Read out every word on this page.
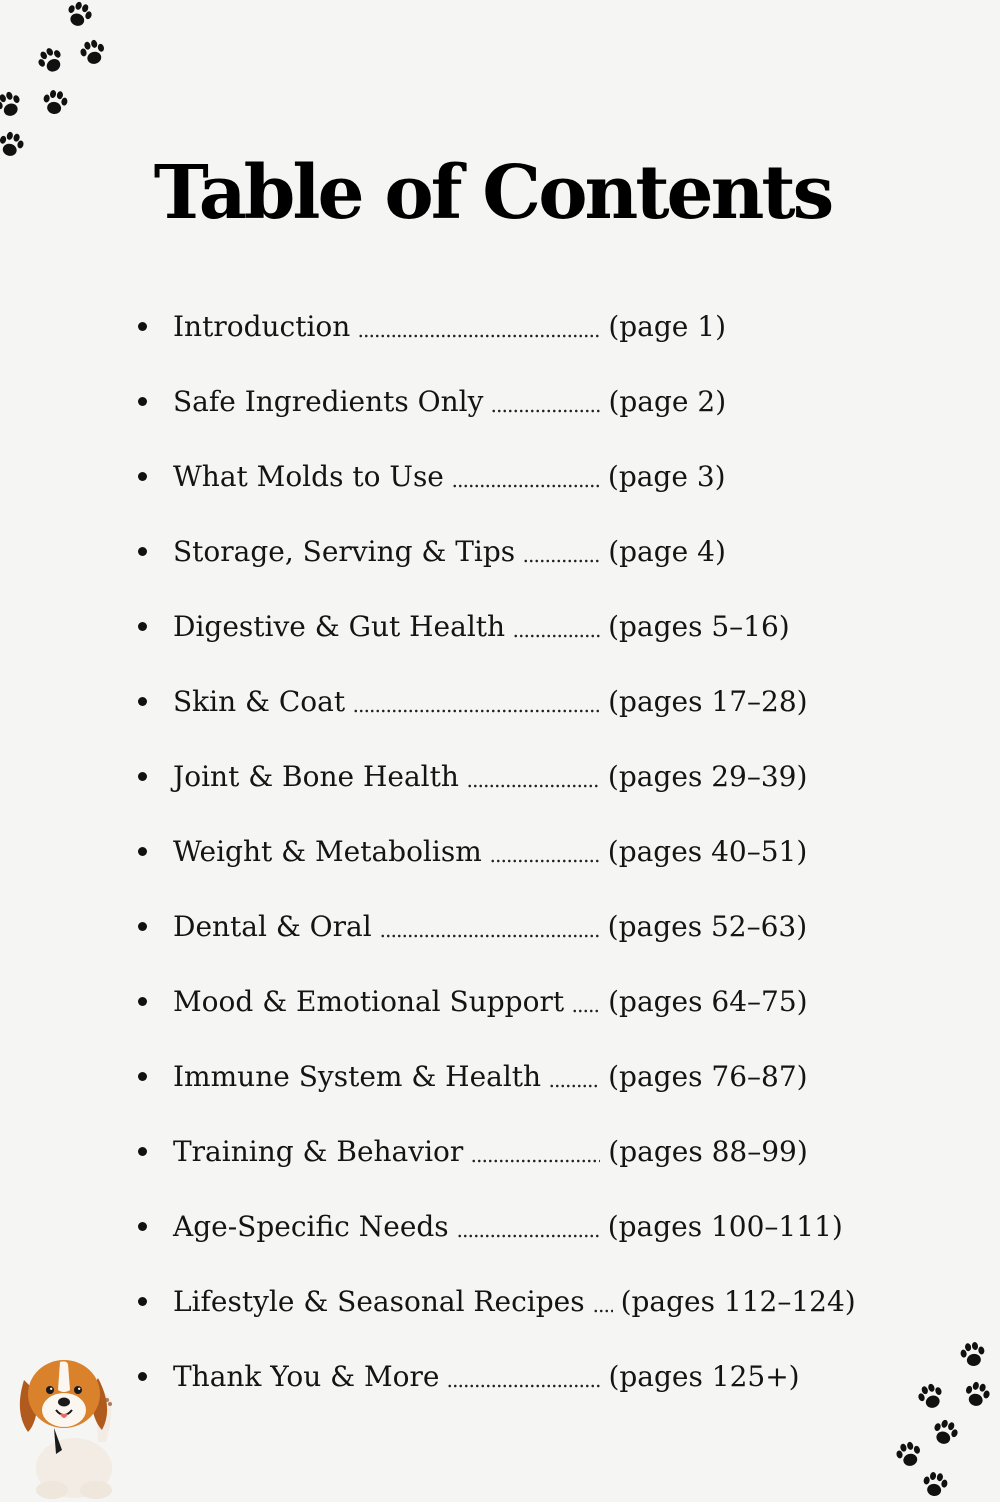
Table of Contents
Introduction	(page 1)
Safe Ingredients Only	(page 2)
What Molds to Use	(page 3)
Storage, Serving & Tips	(page 4)
Digestive & Gut Health	(pages 5–16)
Skin & Coat	(pages 17–28)
Joint & Bone Health	(pages 29–39)
Weight & Metabolism	(pages 40–51)
Dental & Oral	(pages 52–63)
Mood & Emotional Support (pages 64–75)
Immune System & Health (pages 76–87)
Training & Behavior	(pages 88–99)
Age-Specific Needs	(pages 100–111)
Lifestyle & Seasonal Recipes (pages 112–124)
Thank You & More	(pages 125+)
